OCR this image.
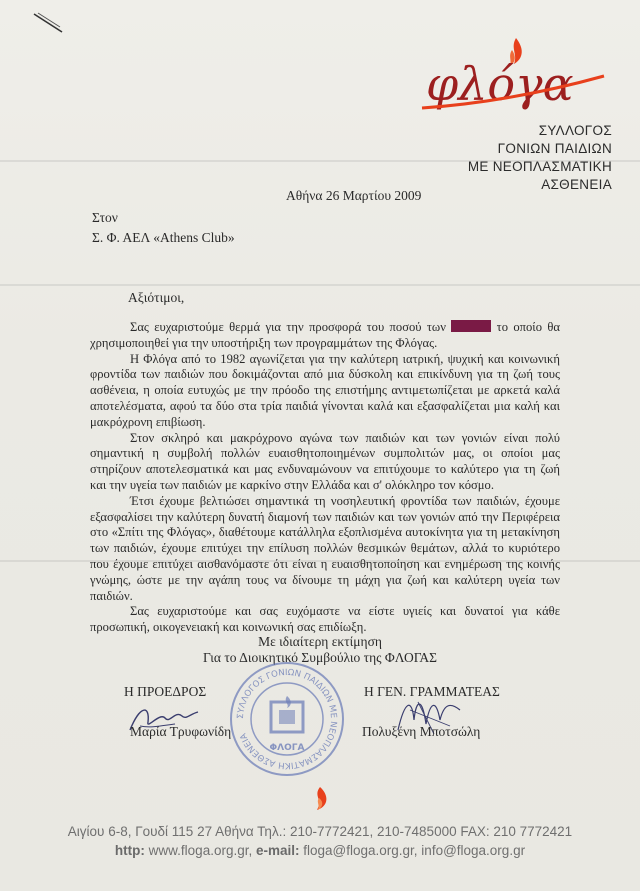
φλόγα
ΣΥΛΛΟΓΟΣ
ΓΟΝΙΩΝ ΠΑΙΔΙΩΝ
ΜΕ ΝΕΟΠΛΑΣΜΑΤΙΚΗ
ΑΣΘΕΝΕΙΑ
Αθήνα 26 Μαρτίου 2009
Στον
Σ. Φ. ΑΕΛ «Athens Club»
Αξιότιμοι,

Σας ευχαριστούμε θερμά για την προσφορά του ποσού των	το οποίο θα χρησιμοποιηθεί για την υποστήριξη των προγραμμάτων της Φλόγας.

Η Φλόγα από το 1982 αγωνίζεται για την καλύτερη ιατρική, ψυχική και κοινωνική φροντίδα των παιδιών που δοκιμάζονται από μια δύσκολη και επικίνδυνη για τη ζωή τους ασθένεια, η οποία ευτυχώς με την πρόοδο της επιστήμης αντιμετωπίζεται με αρκετά καλά αποτελέσματα, αφού τα δύο στα τρία παιδιά γίνονται καλά και εξασφαλίζεται μια καλή και μακρόχρονη επιβίωση.

Στον σκληρό και μακρόχρονο αγώνα των παιδιών και των γονιών είναι πολύ σημαντική η συμβολή πολλών ευαισθητοποιημένων συμπολιτών μας, οι οποίοι μας στηρίζουν αποτελεσματικά και μας ενδυναμώνουν να επιτύχουμε το καλύτερο για τη ζωή και την υγεία των παιδιών με καρκίνο στην Ελλάδα και σ' ολόκληρο τον κόσμο.

Έτσι έχουμε βελτιώσει σημαντικά τη νοσηλευτική φροντίδα των παιδιών, έχουμε εξασφαλίσει την καλύτερη δυνατή διαμονή των παιδιών και των γονιών από την Περιφέρεια στο «Σπίτι της Φλόγας», διαθέτουμε κατάλληλα εξοπλισμένα αυτοκίνητα για τη μετακίνηση των παιδιών, έχουμε επιτύχει την επίλυση πολλών θεσμικών θεμάτων, αλλά το κυριότερο που έχουμε επιτύχει αισθανόμαστε ότι είναι η ευαισθητοποίηση και ενημέρωση της κοινής γνώμης, ώστε με την αγάπη τους να δίνουμε τη μάχη για ζωή και καλύτερη υγεία των παιδιών.

Σας ευχαριστούμε και σας ευχόμαστε να είστε υγιείς και δυνατοί για κάθε προσωπική, οικογενειακή και κοινωνική σας επιδίωξη.

Με ιδιαίτερη εκτίμηση
Για το Διοικητικό Συμβούλιο της ΦΛΟΓΑΣ
Η ΠΡΟΕΔΡΟΣ	Η ΓΕΝ. ΓΡΑΜΜΑΤΕΑΣ
Μαρία Τρυφωνίδη	Πολυξένη Μποτσώλη
ΣΥΛΛΟΓΟΣ ΓΟΝΙΩΝ ΠΑΙΔΙΩΝ ΜΕ ΝΕΟΠΛΑΣΜΑΤΙΚΗ ΑΣΘΕΝΕΙΑ
ΦΛΟΓΑ
Αιγίου 6-8, Γουδί 115 27 Αθήνα Τηλ.: 210-7772421, 210-7485000 FAX: 210 7772421
http: www.floga.org.gr, e-mail: floga@floga.org.gr, info@floga.org.gr
